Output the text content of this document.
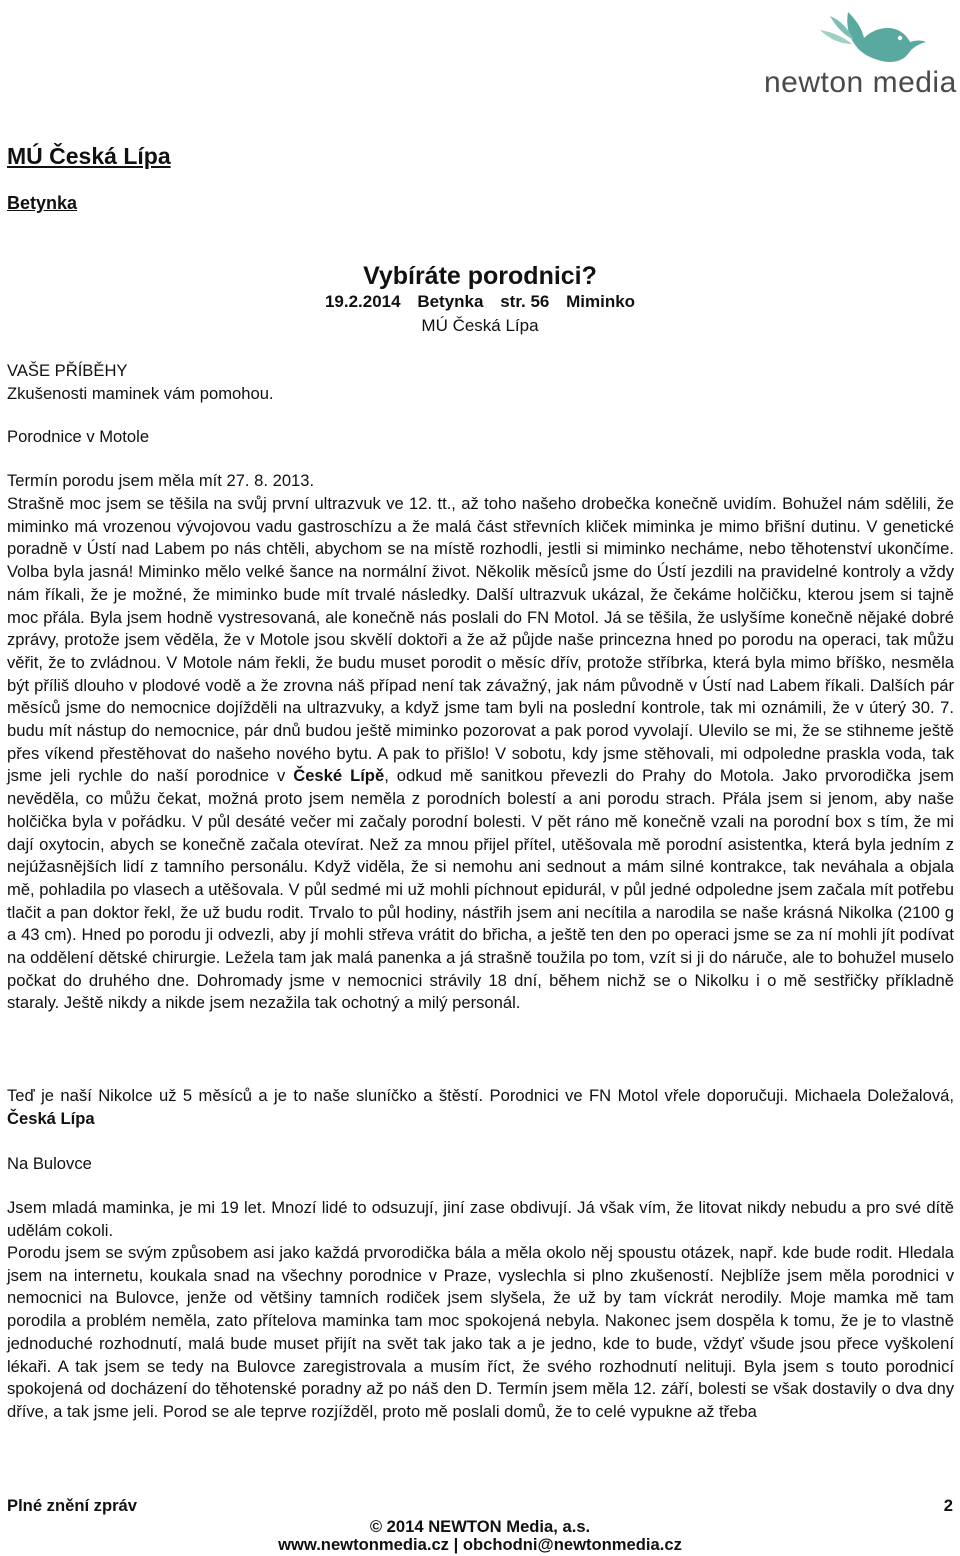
newton media

MÚ Česká Lípa

Betynka

Vybíráte porodnici?
19.2.2014 Betynka str. 56 Miminko
MÚ Česká Lípa
VAŠE PŘÍBĚHY
Zkušenosti maminek vám pomohou.
Porodnice v Motole
Termín porodu jsem měla mít 27. 8. 2013.
Strašně moc jsem se těšila na svůj první ultrazvuk ve 12. tt., až toho našeho drobečka konečně uvidím. Bohužel nám sdělili, že miminko má vrozenou vývojovou vadu gastroschízu a že malá část střevních kliček miminka je mimo břišní dutinu. V genetické poradně v Ústí nad Labem po nás chtěli, abychom se na místě rozhodli, jestli si miminko necháme, nebo těhotenství ukončíme. Volba byla jasná! Miminko mělo velké šance na normální život. Několik měsíců jsme do Ústí jezdili na pravidelné kontroly a vždy nám říkali, že je možné, že miminko bude mít trvalé následky. Další ultrazvuk ukázal, že čekáme holčičku, kterou jsem si tajně moc přála. Byla jsem hodně vystresovaná, ale konečně nás poslali do FN Motol. Já se těšila, že uslyšíme konečně nějaké dobré zprávy, protože jsem věděla, že v Motole jsou skvělí doktoři a že až půjde naše princezna hned po porodu na operaci, tak můžu věřit, že to zvládnou. V Motole nám řekli, že budu muset porodit o měsíc dřív, protože stříbrka, která byla mimo bříško, nesměla být příliš dlouho v plodové vodě a že zrovna náš případ není tak závažný, jak nám původně v Ústí nad Labem říkali. Dalších pár měsíců jsme do nemocnice dojížděli na ultrazvuky, a když jsme tam byli na poslední kontrole, tak mi oznámili, že v úterý 30. 7. budu mít nástup do nemocnice, pár dnů budou ještě miminko pozorovat a pak porod vyvolají. Ulevilo se mi, že se stihneme ještě přes víkend přestěhovat do našeho nového bytu. A pak to přišlo! V sobotu, kdy jsme stěhovali, mi odpoledne praskla voda, tak jsme jeli rychle do naší porodnice v České Lípě, odkud mě sanitkou převezli do Prahy do Motola. Jako prvorodička jsem nevěděla, co můžu čekat, možná proto jsem neměla z porodních bolestí a ani porodu strach. Přála jsem si jenom, aby naše holčička byla v pořádku. V půl desáté večer mi začaly porodní bolesti. V pět ráno mě konečně vzali na porodní box s tím, že mi dají oxytocin, abych se konečně začala otevírat. Než za mnou přijel přítel, utěšovala mě porodní asistentka, která byla jedním z nejúžasnějších lidí z tamního personálu. Když viděla, že si nemohu ani sednout a mám silné kontrakce, tak neváhala a objala mě, pohladila po vlasech a utěšovala. V půl sedmé mi už mohli píchnout epidurál, v půl jedné odpoledne jsem začala mít potřebu tlačit a pan doktor řekl, že už budu rodit. Trvalo to půl hodiny, nástřih jsem ani necítila a narodila se naše krásná Nikolka (2100 g a 43 cm). Hned po porodu ji odvezli, aby jí mohli střeva vrátit do břicha, a ještě ten den po operaci jsme se za ní mohli jít podívat na oddělení dětské chirurgie. Ležela tam jak malá panenka a já strašně toužila po tom, vzít si ji do náruče, ale to bohužel muselo počkat do druhého dne. Dohromady jsme v nemocnici strávily 18 dní, během nichž se o Nikolku i o mě sestřičky příkladně staraly. Ještě nikdy a nikde jsem nezažila tak ochotný a milý personál.
Teď je naší Nikolce už 5 měsíců a je to naše sluníčko a štěstí. Porodnici ve FN Motol vřele doporučuji. Michaela Doležalová, Česká Lípa
Na Bulovce
Jsem mladá maminka, je mi 19 let. Mnozí lidé to odsuzují, jiní zase obdivují. Já však vím, že litovat nikdy nebudu a pro své dítě udělám cokoli.
Porodu jsem se svým způsobem asi jako každá prvorodička bála a měla okolo něj spoustu otázek, např. kde bude rodit. Hledala jsem na internetu, koukala snad na všechny porodnice v Praze, vyslechla si plno zkušeností. Nejblíže jsem měla porodnici v nemocnici na Bulovce, jenže od většiny tamních rodiček jsem slyšela, že už by tam víckrát nerodily. Moje mamka mě tam porodila a problém neměla, zato přítelova maminka tam moc spokojená nebyla. Nakonec jsem dospěla k tomu, že je to vlastně jednoduché rozhodnutí, malá bude muset přijít na svět tak jako tak a je jedno, kde to bude, vždyť všude jsou přece vyškolení lékaři. A tak jsem se tedy na Bulovce zaregistrovala a musím říct, že svého rozhodnutí nelituji. Byla jsem s touto porodnicí spokojená od docházení do těhotenské poradny až po náš den D. Termín jsem měla 12. září, bolesti se však dostavily o dva dny dříve, a tak jsme jeli. Porod se ale teprve rozjížděl, proto mě poslali domů, že to celé vypukne až třeba
Plné znění zpráv	2
© 2014 NEWTON Media, a.s.
www.newtonmedia.cz | obchodni@newtonmedia.cz
